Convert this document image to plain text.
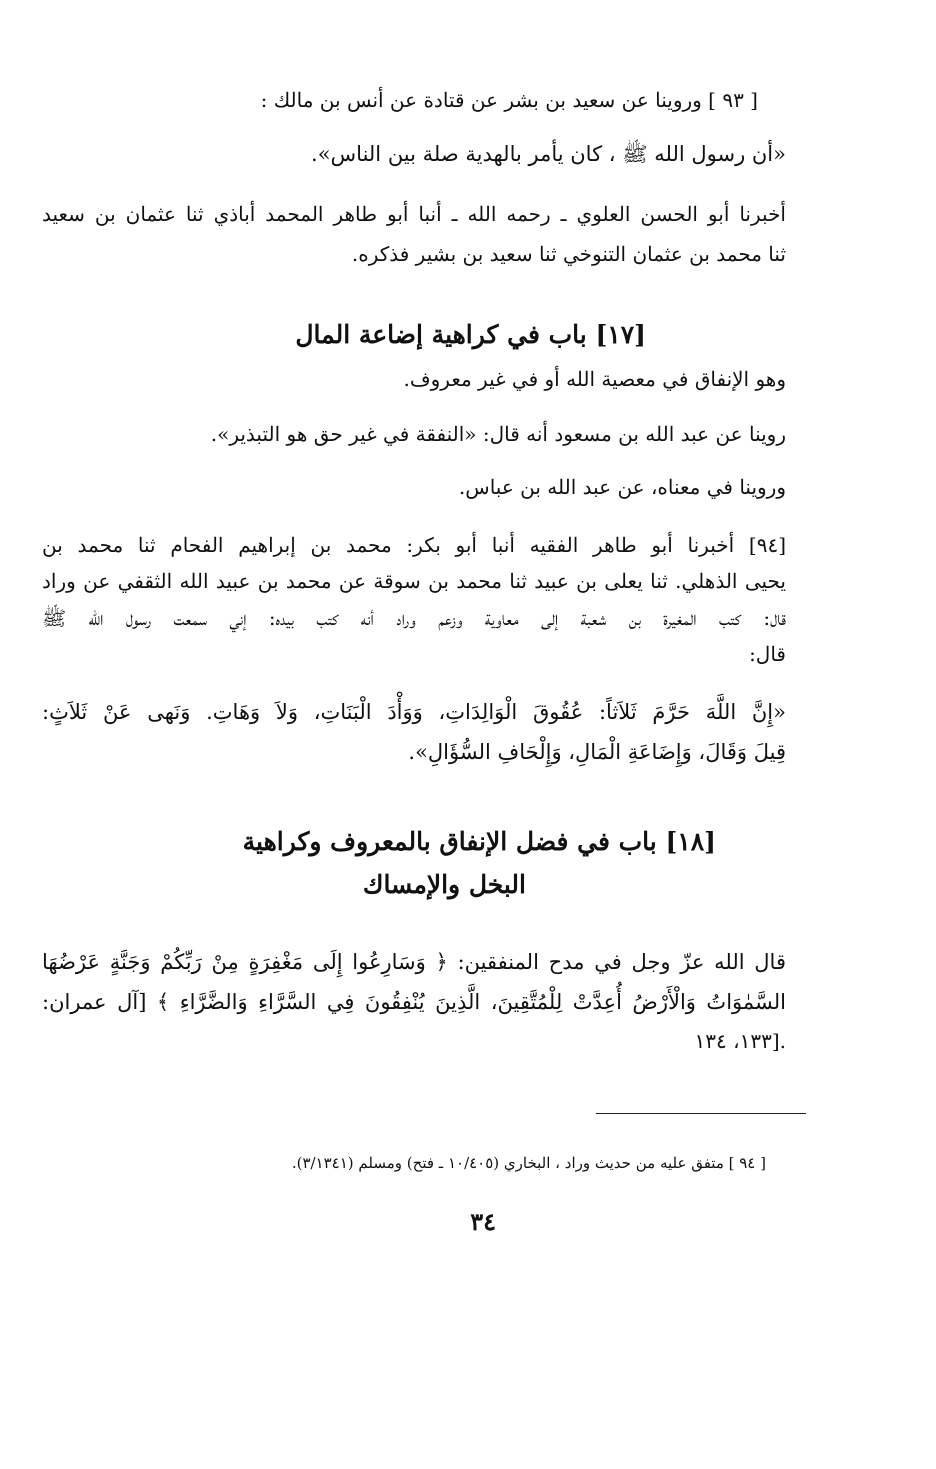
[ ٩٣ ] وروينا عن سعيد بن بشر عن قتادة عن أنس بن مالك :
«أن رسول الله ﷺ ، كان يأمر بالهدية صلة بين الناس».
أخبرنا أبو الحسن العلوي ـ رحمه الله ـ أنبا أبو طاهر المحمد أباذي ثنا عثمان بن سعيد
ثنا محمد بن عثمان التنوخي ثنا سعيد بن بشير فذكره.
[١٧] باب في كراهية إضاعة المال
وهو الإنفاق في معصية الله أو في غير معروف.
روينا عن عبد الله بن مسعود أنه قال: «النفقة في غير حق هو التبذير».
وروينا في معناه، عن عبد الله بن عباس.
[٩٤] أخبرنا أبو طاهر الفقيه أنبا أبو بكر: محمد بن إبراهيم الفحام ثنا محمد بن
يحيى الذهلي. ثنا يعلى بن عبيد ثنا محمد بن سوقة عن محمد بن عبيد الله الثقفي عن وراد
قال: كتب المغيرة بن شعبة إلى معاوية وزعم وراد أنه كتب بيده: إني سمعت رسول الله ﷺ
قال:
«إِنَّ اللَّهَ حَرَّمَ ثَلاَثاً: عُقُوقَ الْوَالِدَاتِ، وَوَأْدَ الْبَنَاتِ، وَلاَ وَهَاتِ. وَنَهى عَنْ ثَلاَثٍ:
قِيلَ وَقَالَ، وَإِضَاعَةِ الْمَالِ، وَإِلْحَافِ السُّؤَالِ».
[١٨] باب في فضل الإنفاق بالمعروف وكراهية
البخل والإمساك
قال الله عزّ وجل في مدح المنفقين: ﴿ وَسَارِعُوا إِلَى مَغْفِرَةٍ مِنْ رَبِّكُمْ وَجَنَّةٍ عَرْضُهَا
السَّمٰوَاتُ وَالْأَرْضُ أُعِدَّتْ لِلْمُتَّقِينَ، الَّذِينَ يُنْفِقُونَ فِي السَّرَّاءِ وَالضَّرَّاءِ ﴾ [آل عمران:
١٣٣، ١٣٤].
[ ٩٤ ] متفق عليه من حديث وراد ، البخاري (١٠/٤٠٥ ـ فتح) ومسلم (٣/١٣٤١).
٣٤
